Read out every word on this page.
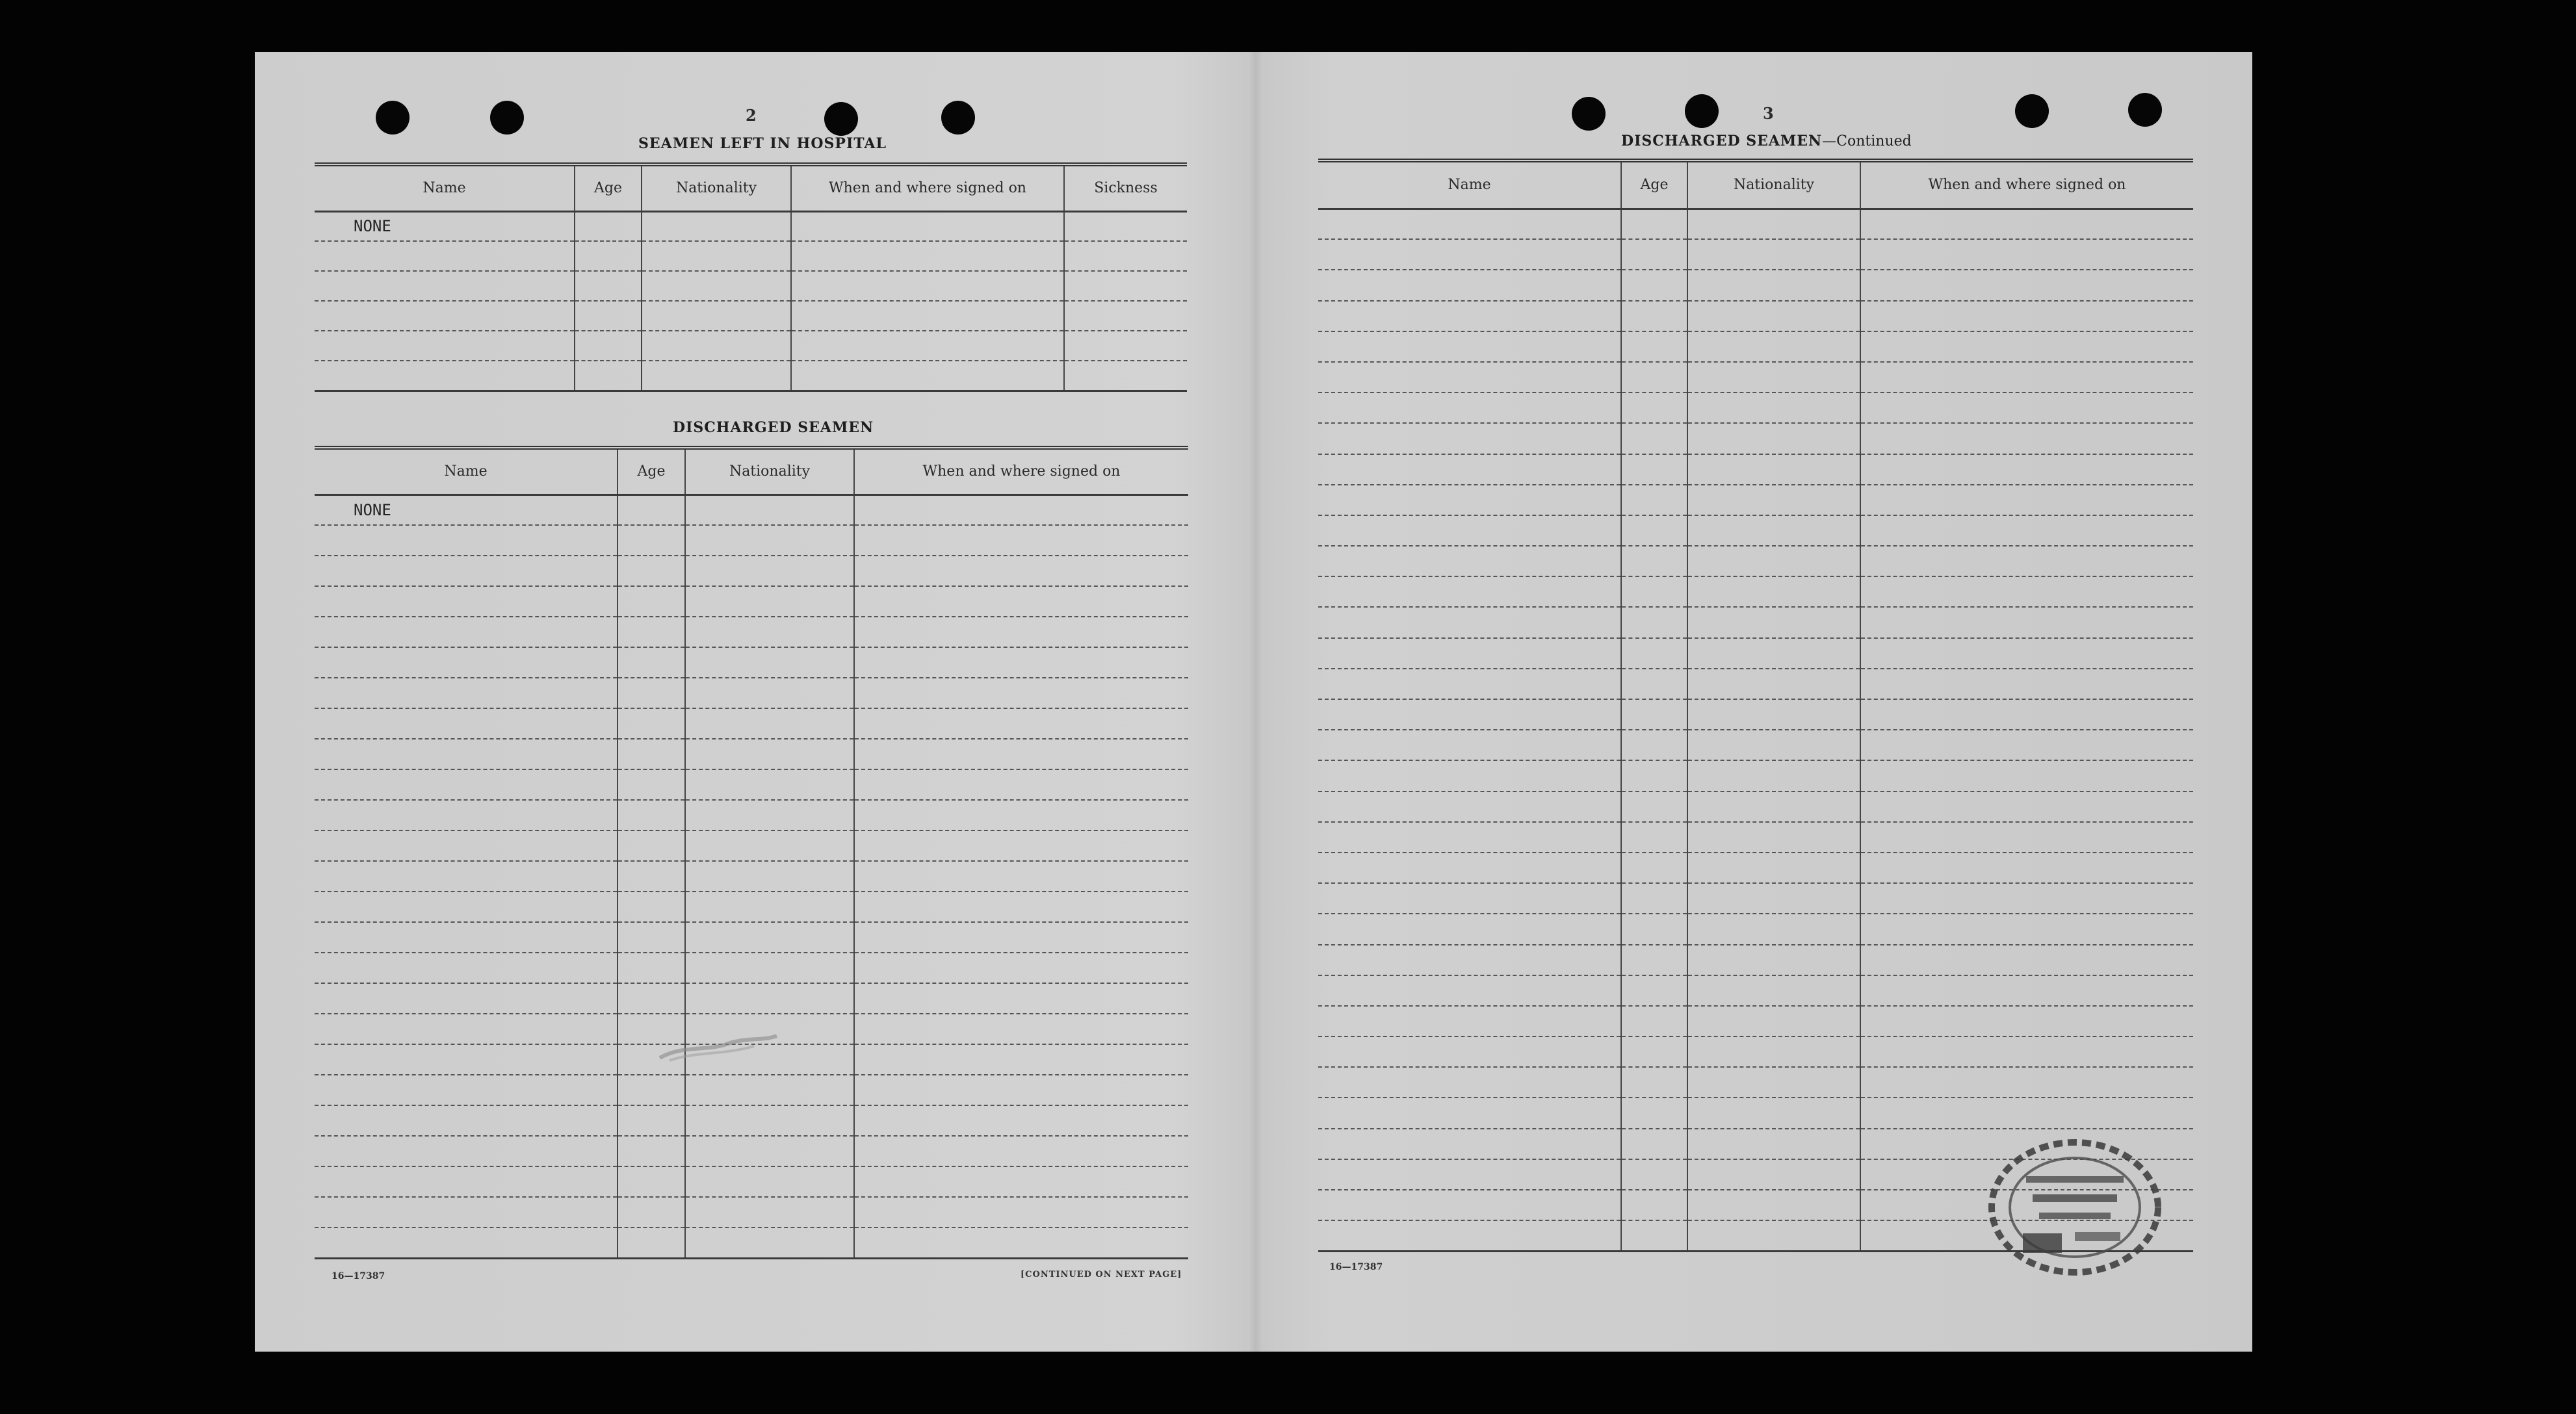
2
SEAMEN LEFT IN HOSPITAL
Name	Age	Nationality	When and where signed on	Sickness
NONE				

DISCHARGED SEAMEN
Name	Age	Nationality	When and where signed on
NONE			

16—17387	[CONTINUED ON NEXT PAGE]
3
DISCHARGED SEAMEN—Continued
Name	Age	Nationality	When and where signed on

16—17387
